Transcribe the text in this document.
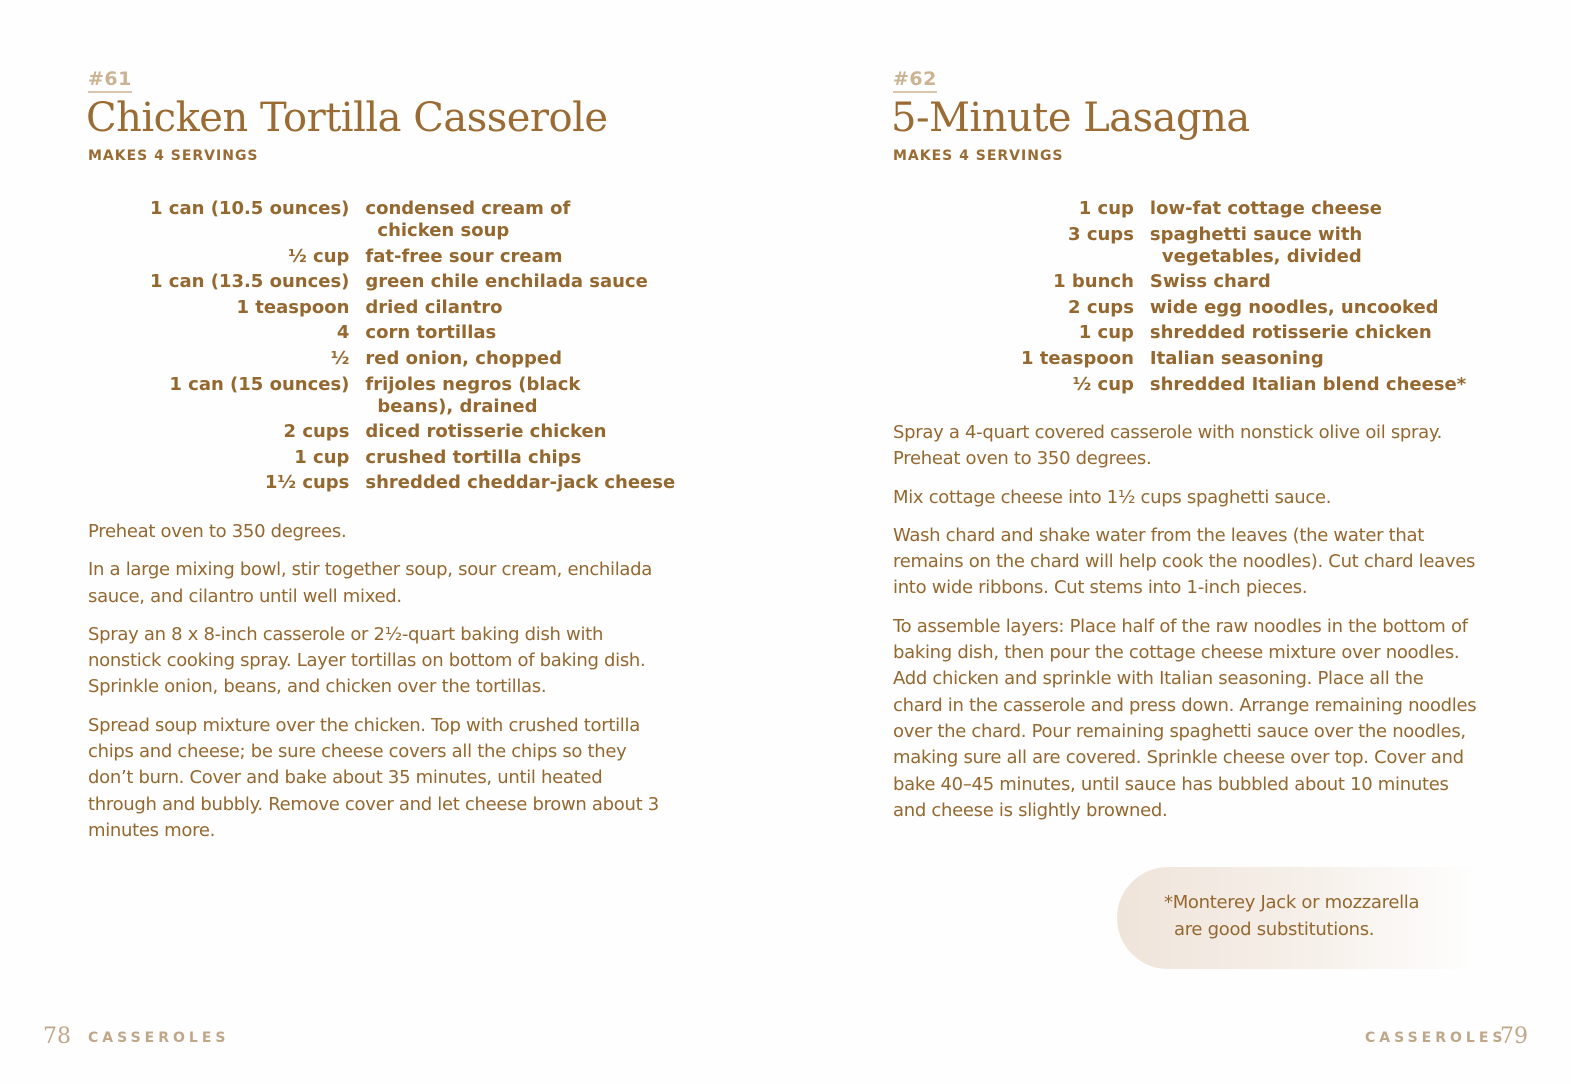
#61
Chicken Tortilla Casserole
MAKES 4 SERVINGS
1 can (10.5 ounces)	condensed cream of
chicken soup

½ cup	fat-free sour cream
1 can (13.5 ounces)	green chile enchilada sauce
1 teaspoon	dried cilantro
4	corn tortillas
½	red onion, chopped
1 can (15 ounces)	frijoles negros (black
beans), drained

2 cups	diced rotisserie chicken
1 cup	crushed tortilla chips
1½ cups	shredded cheddar-jack cheese

Preheat oven to 350 degrees.

In a large mixing bowl, stir together soup, sour cream, enchilada sauce, and cilantro until well mixed.

Spray an 8 x 8-inch casserole or 2½-quart baking dish with nonstick cooking spray. Layer tortillas on bottom of baking dish. Sprinkle onion, beans, and chicken over the tortillas.

Spread soup mixture over the chicken. Top with crushed tortilla chips and cheese; be sure cheese covers all the chips so they don’t burn. Cover and bake about 35 minutes, until heated through and bubbly. Remove cover and let cheese brown about 3 minutes more.

78 CASSEROLES
#62
5-Minute Lasagna
MAKES 4 SERVINGS
1 cup	low-fat cottage cheese
3 cups	spaghetti sauce with
vegetables, divided

1 bunch	Swiss chard
2 cups	wide egg noodles, uncooked
1 cup	shredded rotisserie chicken
1 teaspoon	Italian seasoning
½ cup	shredded Italian blend cheese*

Spray a 4-quart covered casserole with nonstick olive oil spray. Preheat oven to 350 degrees.

Mix cottage cheese into 1½ cups spaghetti sauce.

Wash chard and shake water from the leaves (the water that remains on the chard will help cook the noodles). Cut chard leaves into wide ribbons. Cut stems into 1-inch pieces.

To assemble layers: Place half of the raw noodles in the bottom of baking dish, then pour the cottage cheese mixture over noodles. Add chicken and sprinkle with Italian seasoning. Place all the chard in the casserole and press down. Arrange remaining noodles over the chard. Pour remaining spaghetti sauce over the noodles, making sure all are covered. Sprinkle cheese over top. Cover and bake 40–45 minutes, until sauce has bubbled about 10 minutes and cheese is slightly browned.

*Monterey Jack or mozzarella
are good substitutions.
CASSEROLES
79
